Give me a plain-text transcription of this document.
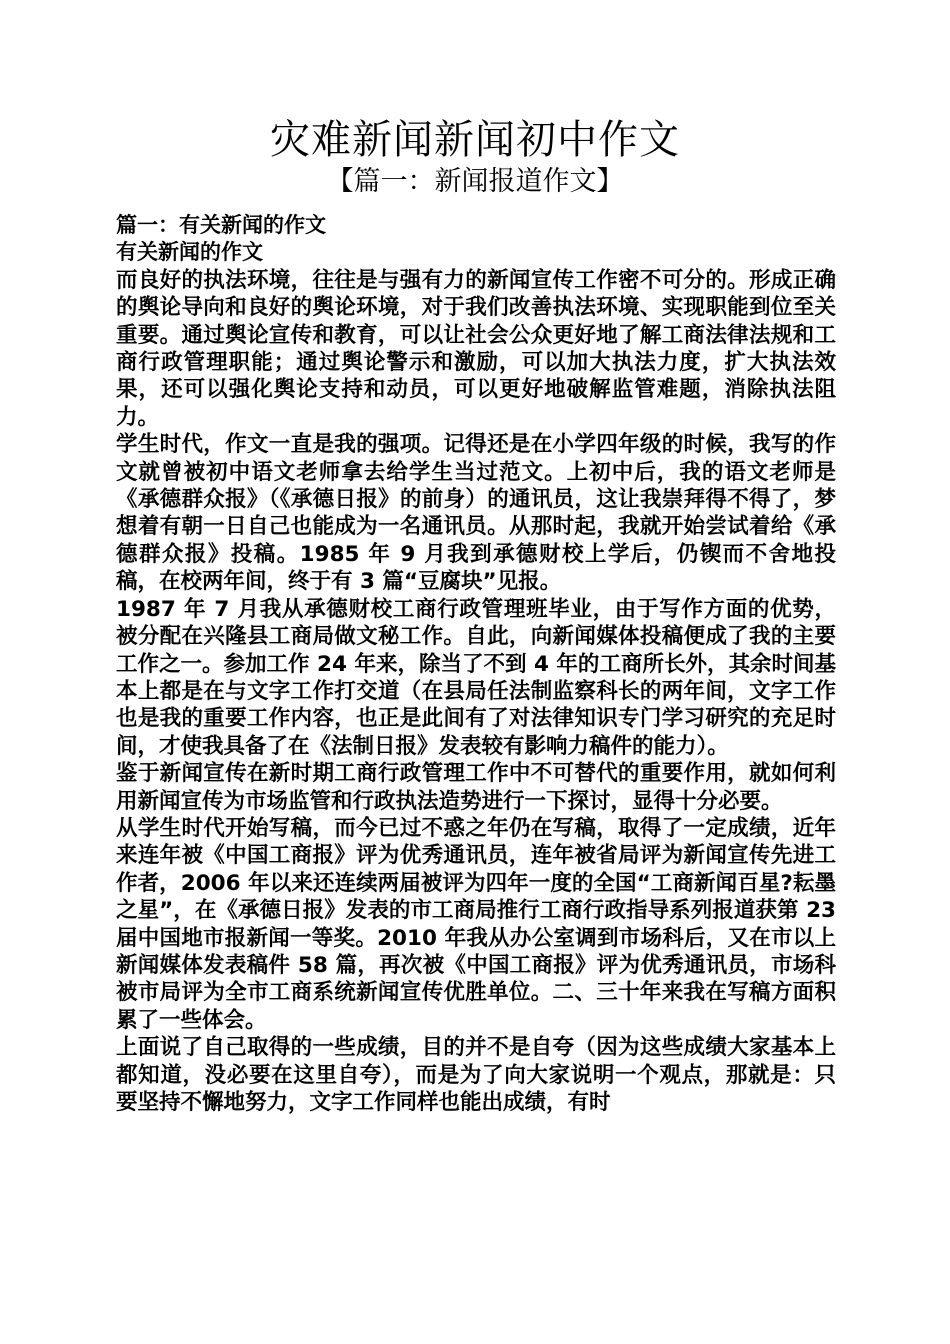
灾难新闻新闻初中作文
【篇一：新闻报道作文】

篇一：有关新闻的作文

有关新闻的作文

而良好的执法环境，往往是与强有力的新闻宣传工作密不可分的。形成正确的舆论导向和良好的舆论环境，对于我们改善执法环境、实现职能到位至关重要。通过舆论宣传和教育，可以让社会公众更好地了解工商法律法规和工商行政管理职能；通过舆论警示和激励，可以加大执法力度，扩大执法效果，还可以强化舆论支持和动员，可以更好地破解监管难题，消除执法阻力。

学生时代，作文一直是我的强项。记得还是在小学四年级的时候，我写的作文就曾被初中语文老师拿去给学生当过范文。上初中后，我的语文老师是《承德群众报》（《承德日报》的前身）的通讯员，这让我崇拜得不得了，梦想着有朝一日自己也能成为一名通讯员。从那时起，我就开始尝试着给《承德群众报》投稿。1985 年 9 月我到承德财校上学后，仍锲而不舍地投稿，在校两年间，终于有 3 篇“豆腐块”见报。

1987 年 7 月我从承德财校工商行政管理班毕业，由于写作方面的优势，被分配在兴隆县工商局做文秘工作。自此，向新闻媒体投稿便成了我的主要工作之一。参加工作 24 年来，除当了不到 4 年的工商所长外，其余时间基本上都是在与文字工作打交道（在县局任法制监察科长的两年间，文字工作也是我的重要工作内容，也正是此间有了对法律知识专门学习研究的充足时间，才使我具备了在《法制日报》发表较有影响力稿件的能力）。

鉴于新闻宣传在新时期工商行政管理工作中不可替代的重要作用，就如何利用新闻宣传为市场监管和行政执法造势进行一下探讨，显得十分必要。

从学生时代开始写稿，而今已过不惑之年仍在写稿，取得了一定成绩，近年来连年被《中国工商报》评为优秀通讯员，连年被省局评为新闻宣传先进工作者，2006 年以来还连续两届被评为四年一度的全国“工商新闻百星?耘墨之星”，在《承德日报》发表的市工商局推行工商行政指导系列报道获第 23 届中国地市报新闻一等奖。2010 年我从办公室调到市场科后，又在市以上新闻媒体发表稿件 58 篇，再次被《中国工商报》评为优秀通讯员，市场科被市局评为全市工商系统新闻宣传优胜单位。二、三十年来我在写稿方面积累了一些体会。

上面说了自己取得的一些成绩，目的并不是自夸（因为这些成绩大家基本上都知道，没必要在这里自夸），而是为了向大家说明一个观点，那就是：只要坚持不懈地努力，文字工作同样也能出成绩，有时
